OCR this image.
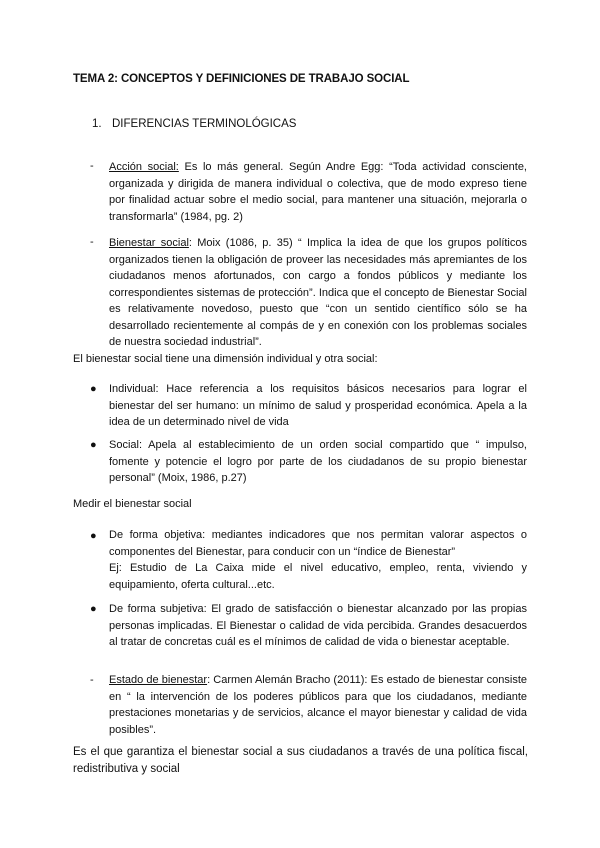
TEMA 2: CONCEPTOS Y DEFINICIONES DE TRABAJO SOCIAL
1. DIFERENCIAS TERMINOLÓGICAS
- Acción social: Es lo más general. Según Andre Egg: “Toda actividad consciente, organizada y dirigida de manera individual o colectiva, que de modo expreso tiene por finalidad actuar sobre el medio social, para mantener una situación, mejorarla o transformarla” (1984, pg. 2)
- Bienestar social: Moix (1086, p. 35) “ Implica la idea de que los grupos políticos organizados tienen la obligación de proveer las necesidades más apremiantes de los ciudadanos menos afortunados, con cargo a fondos públicos y mediante los correspondientes sistemas de protección”. Indica que el concepto de Bienestar Social es relativamente novedoso, puesto que “con un sentido científico sólo se ha desarrollado recientemente al compás de y en conexión con los problemas sociales de nuestra sociedad industrial”.
El bienestar social tiene una dimensión individual y otra social:
● Individual: Hace referencia a los requisitos básicos necesarios para lograr el bienestar del ser humano: un mínimo de salud y prosperidad económica. Apela a la idea de un determinado nivel de vida
● Social: Apela al establecimiento de un orden social compartido que “ impulso, fomente y potencie el logro por parte de los ciudadanos de su propio bienestar personal” (Moix, 1986, p.27)
Medir el bienestar social
● De forma objetiva: mediantes indicadores que nos permitan valorar aspectos o componentes del Bienestar, para conducir con un “índice de Bienestar”
Ej: Estudio de La Caixa mide el nivel educativo, empleo, renta, viviendo y equipamiento, oferta cultural...etc.
● De forma subjetiva: El grado de satisfacción o bienestar alcanzado por las propias personas implicadas. El Bienestar o calidad de vida percibida. Grandes desacuerdos al tratar de concretas cuál es el mínimos de calidad de vida o bienestar aceptable.
- Estado de bienestar: Carmen Alemán Bracho (2011): Es estado de bienestar consiste en “ la intervención de los poderes públicos para que los ciudadanos, mediante prestaciones monetarias y de servicios, alcance el mayor bienestar y calidad de vida posibles”.
Es el que garantiza el bienestar social a sus ciudadanos a través de una política fiscal, redistributiva y social
